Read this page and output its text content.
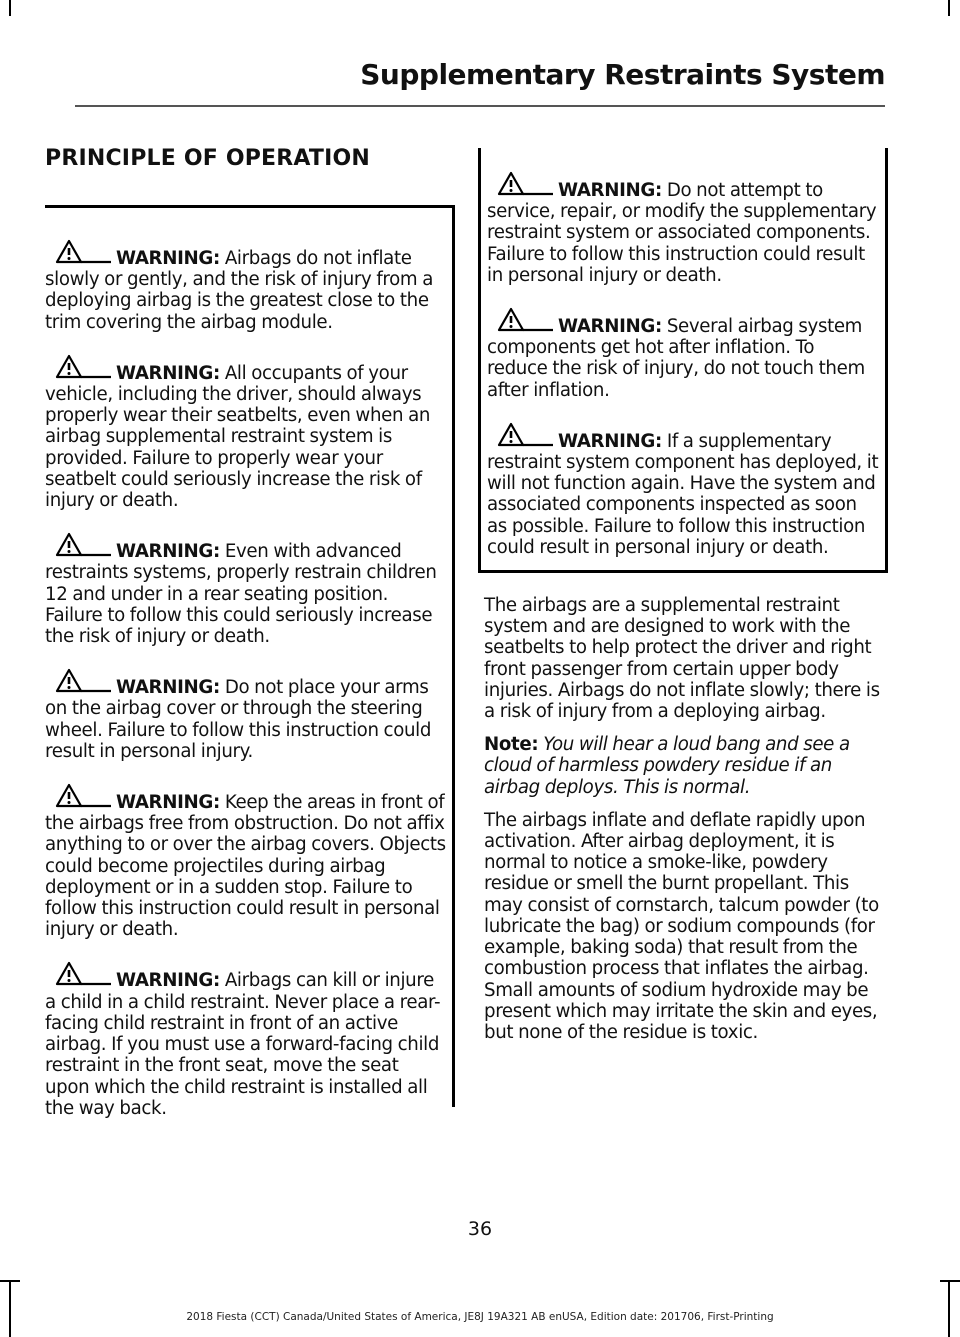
Supplementary Restraints System
PRINCIPLE OF OPERATION

WARNING: Airbags do not inflate slowly or gently, and the risk of injury from a deploying airbag is the greatest close to the trim covering the airbag module.

WARNING: All occupants of your vehicle, including the driver, should always properly wear their seatbelts, even when an airbag supplemental restraint system is provided. Failure to properly wear your seatbelt could seriously increase the risk of injury or death.

WARNING: Even with advanced restraints systems, properly restrain children 12 and under in a rear seating position. Failure to follow this could seriously increase the risk of injury or death.

WARNING: Do not place your arms on the airbag cover or through the steering wheel. Failure to follow this instruction could result in personal injury.

WARNING: Keep the areas in front of the airbags free from obstruction. Do not affix anything to or over the airbag covers. Objects could become projectiles during airbag deployment or in a sudden stop. Failure to follow this instruction could result in personal injury or death.

WARNING: Airbags can kill or injure a child in a child restraint. Never place a rear-facing child restraint in front of an active airbag. If you must use a forward-facing child restraint in the front seat, move the seat upon which the child restraint is installed all the way back.

WARNING: Do not attempt to service, repair, or modify the supplementary restraint system or associated components. Failure to follow this instruction could result in personal injury or death.

WARNING: Several airbag system components get hot after inflation. To reduce the risk of injury, do not touch them after inflation.

WARNING: If a supplementary restraint system component has deployed, it will not function again. Have the system and associated components inspected as soon as possible. Failure to follow this instruction could result in personal injury or death.

The airbags are a supplemental restraint system and are designed to work with the seatbelts to help protect the driver and right front passenger from certain upper body injuries. Airbags do not inflate slowly; there is a risk of injury from a deploying airbag.

Note: You will hear a loud bang and see a cloud of harmless powdery residue if an airbag deploys. This is normal.

The airbags inflate and deflate rapidly upon activation. After airbag deployment, it is normal to notice a smoke-like, powdery residue or smell the burnt propellant. This may consist of cornstarch, talcum powder (to lubricate the bag) or sodium compounds (for example, baking soda) that result from the combustion process that inflates the airbag. Small amounts of sodium hydroxide may be present which may irritate the skin and eyes, but none of the residue is toxic.

36
2018 Fiesta (CCT) Canada/United States of America, JE8J 19A321 AB enUSA, Edition date: 201706, First-Printing
